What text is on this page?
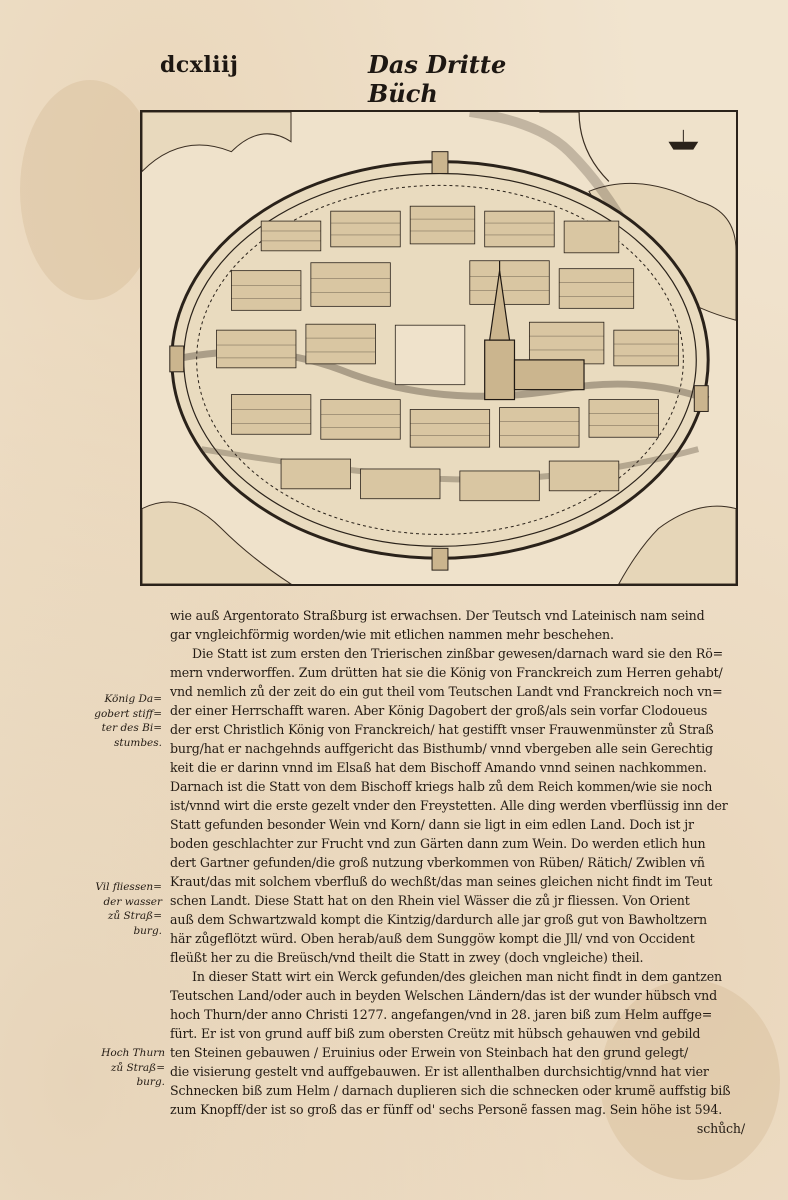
dcxliij	Das Dritte Büch
König Da=
gobert stiff=
ter des Bi=
stumbes.
Vil fliessen=
der wasser
zů Straß=
burg.
Hoch Thurn
zů Straß=
burg.
wie auß Argentorato Straßburg ist erwachsen. Der Teutsch vnd Lateinisch nam seind
gar vngleichförmig worden/wie mit etlichen nammen mehr beschehen.
Die Statt ist zum ersten den Trierischen zinßbar gewesen/darnach ward sie den Rö=
mern vnderworffen. Zum drütten hat sie die König von Franckreich zum Herren gehabt/
vnd nemlich zů der zeit do ein gut theil vom Teutschen Landt vnd Franckreich noch vn=
der einer Herrschafft waren. Aber König Dagobert der groß/als sein vorfar Clodoueus
der erst Christlich König von Franckreich/ hat gestifft vnser Frauwenmünster zů Straß
burg/hat er nachgehnds auffgericht das Bisthumb/ vnnd vbergeben alle sein Gerechtig
keit die er darinn vnnd im Elsaß hat dem Bischoff Amando vnnd seinen nachkommen.
Darnach ist die Statt von dem Bischoff kriegs halb zů dem Reich kommen/wie sie noch
ist/vnnd wirt die erste gezelt vnder den Freystetten. Alle ding werden vberflüssig inn der
Statt gefunden besonder Wein vnd Korn/ dann sie ligt in eim edlen Land. Doch ist jr
boden geschlachter zur Frucht vnd zun Gärten dann zum Wein. Do werden etlich hun
dert Gartner gefunden/die groß nutzung vberkommen von Rüben/ Rätich/ Zwiblen vñ
Kraut/das mit solchem vberfluß do wechßt/das man seines gleichen nicht findt im Teut
schen Landt. Diese Statt hat on den Rhein viel Wässer die zů jr fliessen. Von Orient
auß dem Schwartzwald kompt die Kintzig/dardurch alle jar groß gut von Bawholtzern
här zůgeflötzt würd. Oben herab/auß dem Sunggöw kompt die Jll/ vnd von Occident
fleüßt her zu die Breüsch/vnd theilt die Statt in zwey (doch vngleiche) theil.
In dieser Statt wirt ein Werck gefunden/des gleichen man nicht findt in dem gantzen
Teutschen Land/oder auch in beyden Welschen Ländern/das ist der wunder hübsch vnd
hoch Thurn/der anno Christi 1277. angefangen/vnd in 28. jaren biß zum Helm auffge=
fürt. Er ist von grund auff biß zum obersten Creütz mit hübsch gehauwen vnd gebild
ten Steinen gebauwen / Eruinius oder Erwein von Steinbach hat den grund gelegt/
die visierung gestelt vnd auffgebauwen. Er ist allenthalben durchsichtig/vnnd hat vier
Schnecken biß zum Helm / darnach duplieren sich die schnecken oder krumẽ auffstig biß
zum Knopff/der ist so groß das er fünff od' sechs Personẽ fassen mag. Sein höhe ist 594.
schůch/
